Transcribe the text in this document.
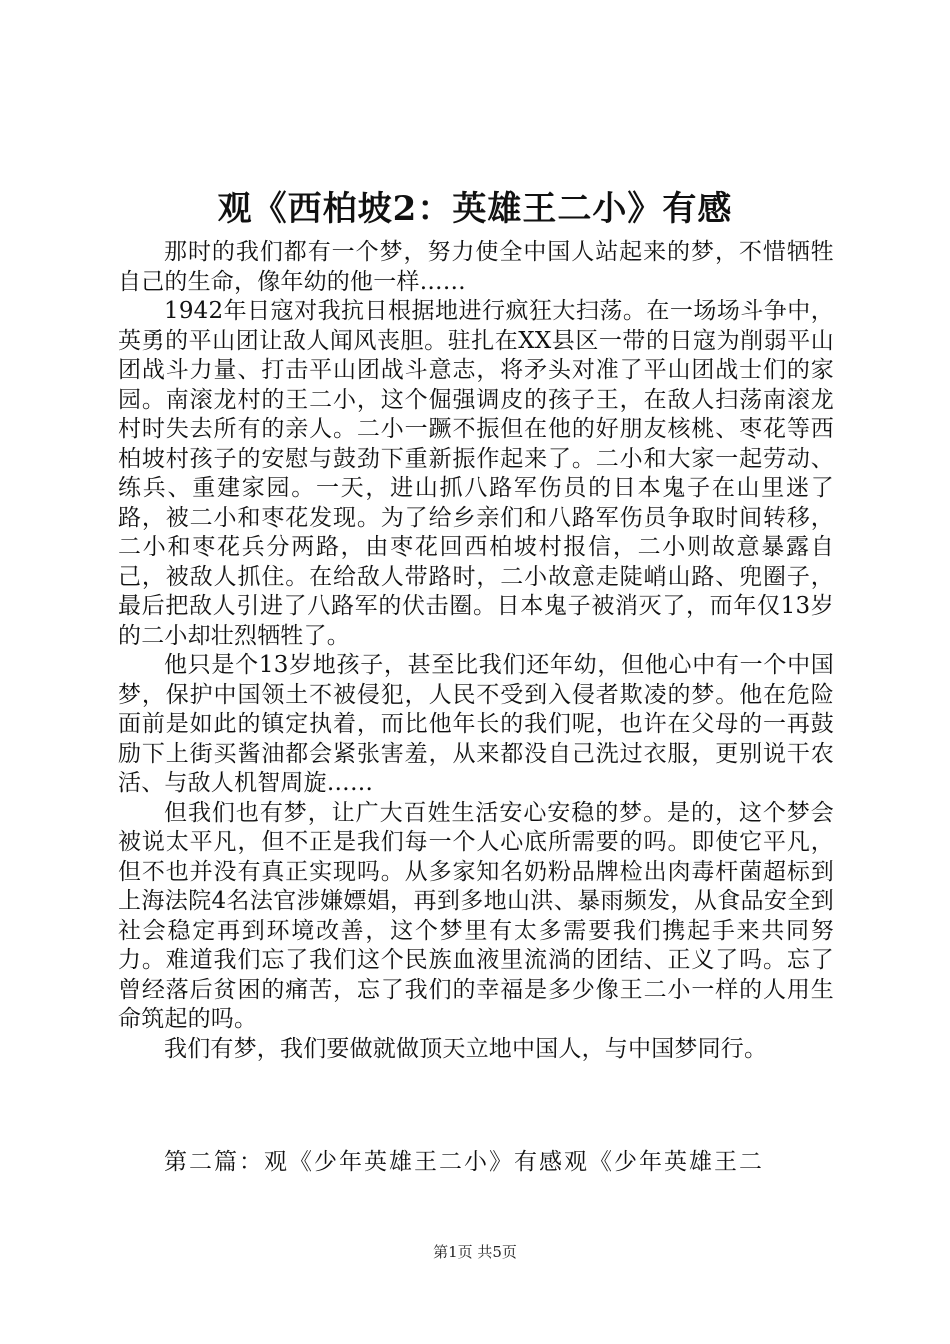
观《西柏坡2：英雄王二小》有感

那时的我们都有一个梦，努力使全中国人站起来的梦，不惜牺牲自己的生命，像年幼的他一样……

1942年日寇对我抗日根据地进行疯狂大扫荡。在一场场斗争中，英勇的平山团让敌人闻风丧胆。驻扎在XX县区一带的日寇为削弱平山团战斗力量、打击平山团战斗意志，将矛头对准了平山团战士们的家园。南滚龙村的王二小，这个倔强调皮的孩子王，在敌人扫荡南滚龙村时失去所有的亲人。二小一蹶不振但在他的好朋友核桃、枣花等西柏坡村孩子的安慰与鼓劲下重新振作起来了。二小和大家一起劳动、练兵、重建家园。一天，进山抓八路军伤员的日本鬼子在山里迷了路，被二小和枣花发现。为了给乡亲们和八路军伤员争取时间转移，二小和枣花兵分两路，由枣花回西柏坡村报信，二小则故意暴露自己，被敌人抓住。在给敌人带路时，二小故意走陡峭山路、兜圈子，最后把敌人引进了八路军的伏击圈。日本鬼子被消灭了，而年仅13岁的二小却壮烈牺牲了。

他只是个13岁地孩子，甚至比我们还年幼，但他心中有一个中国梦，保护中国领土不被侵犯，人民不受到入侵者欺凌的梦。他在危险面前是如此的镇定执着，而比他年长的我们呢，也许在父母的一再鼓励下上街买酱油都会紧张害羞，从来都没自己洗过衣服，更别说干农活、与敌人机智周旋……

但我们也有梦，让广大百姓生活安心安稳的梦。是的，这个梦会被说太平凡，但不正是我们每一个人心底所需要的吗。即使它平凡，但不也并没有真正实现吗。从多家知名奶粉品牌检出肉毒杆菌超标到上海法院4名法官涉嫌嫖娼，再到多地山洪、暴雨频发，从食品安全到社会稳定再到环境改善，这个梦里有太多需要我们携起手来共同努力。难道我们忘了我们这个民族血液里流淌的团结、正义了吗。忘了曾经落后贫困的痛苦，忘了我们的幸福是多少像王二小一样的人用生命筑起的吗。

我们有梦，我们要做就做顶天立地中国人，与中国梦同行。

第二篇：观《少年英雄王二小》有感观《少年英雄王二
第1页 共5页
